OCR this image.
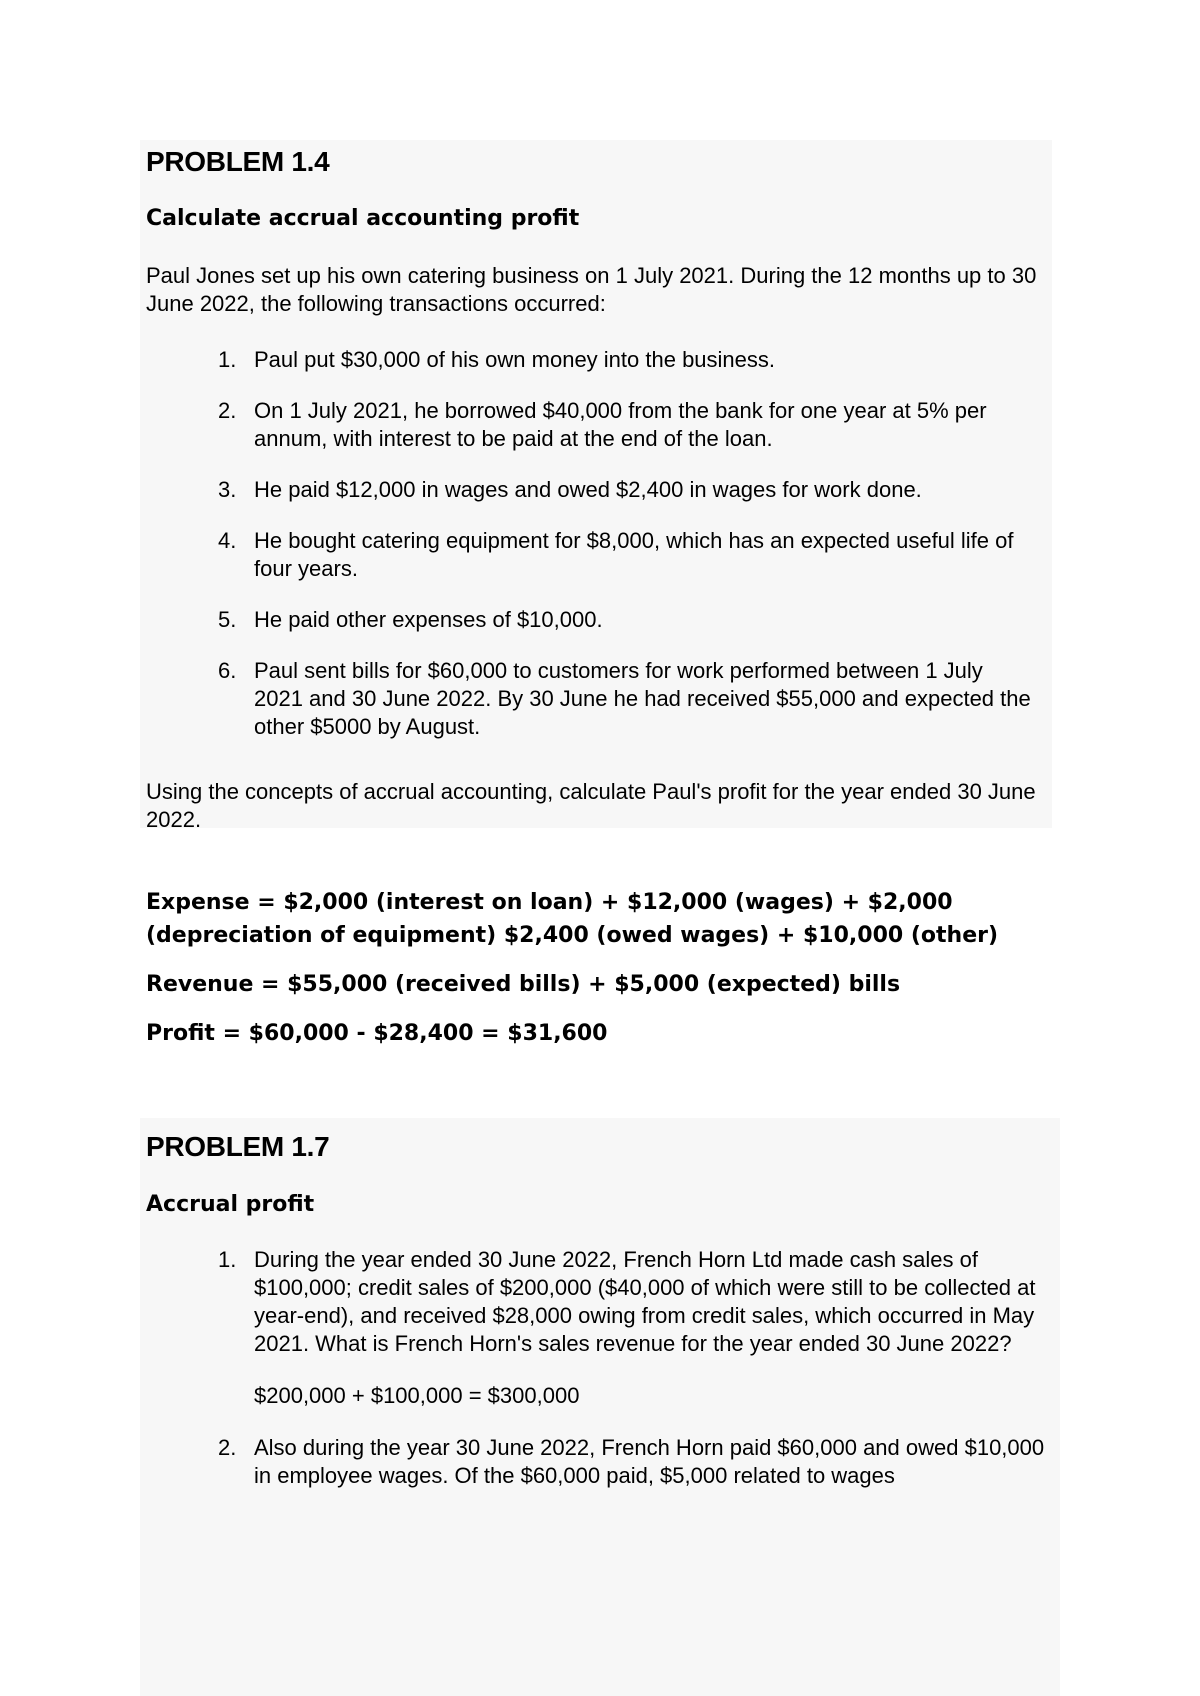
PROBLEM 1.4
Calculate accrual accounting profit

Paul Jones set up his own catering business on 1 July 2021. During the 12 months up to 30 June 2022, the following transactions occurred:

1. Paul put $30,000 of his own money into the business.
2. On 1 July 2021, he borrowed $40,000 from the bank for one year at 5% per annum, with interest to be paid at the end of the loan.
3. He paid $12,000 in wages and owed $2,400 in wages for work done.
4. He bought catering equipment for $8,000, which has an expected useful life of four years.
5. He paid other expenses of $10,000.
6. Paul sent bills for $60,000 to customers for work performed between 1 July 2021 and 30 June 2022. By 30 June he had received $55,000 and expected the other $5000 by August.

Using the concepts of accrual accounting, calculate Paul's profit for the year ended 30 June 2022.

Expense = $2,000 (interest on loan) + $12,000 (wages) + $2,000 (depreciation of equipment) $2,400 (owed wages) + $10,000 (other)

Revenue = $55,000 (received bills) + $5,000 (expected) bills

Profit = $60,000 - $28,400 = $31,600

PROBLEM 1.7
Accrual profit
1. During the year ended 30 June 2022, French Horn Ltd made cash sales of $100,000; credit sales of $200,000 ($40,000 of which were still to be collected at year-end), and received $28,000 owing from credit sales, which occurred in May 2021. What is French Horn's sales revenue for the year ended 30 June 2022?
$200,000 + $100,000 = $300,000
2. Also during the year 30 June 2022, French Horn paid $60,000 and owed $10,000 in employee wages. Of the $60,000 paid, $5,000 related to wages
